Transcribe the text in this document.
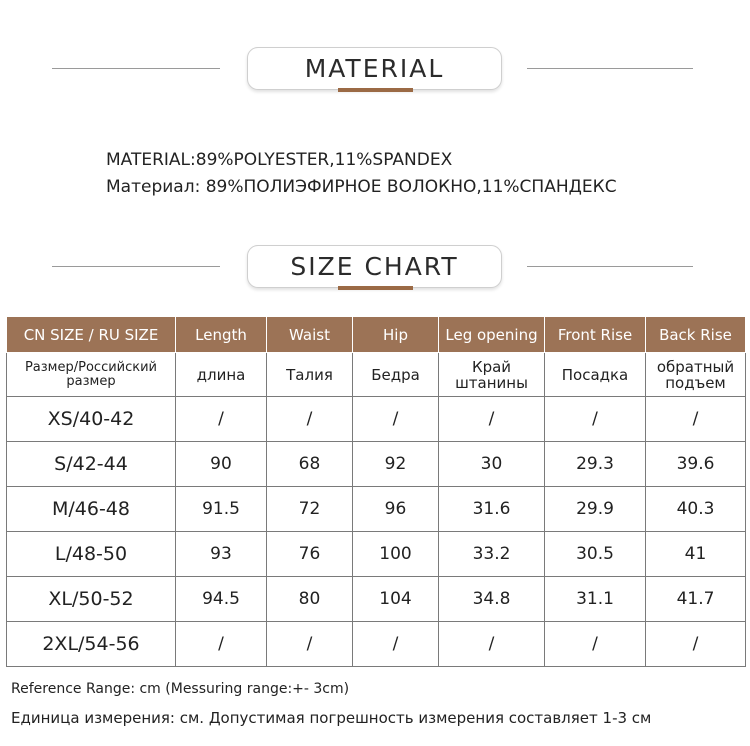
MATERIAL
MATERIAL:89%POLYESTER,11%SPANDEX
Материал: 89%ПОЛИЭФИРНОЕ ВОЛОКНО,11%СПАНДЕКС
SIZE CHART
CN SIZE / RU SIZE	Length	Waist	Hip	Leg opening	Front Rise	Back Rise
Размер/Российский размер	длина	Талия	Бедра	Край штанины	Посадка	обратный подъем
XS/40-42	/	/	/	/	/	/
S/42-44	90	68	92	30	29.3	39.6
M/46-48	91.5	72	96	31.6	29.9	40.3
L/48-50	93	76	100	33.2	30.5	41
XL/50-52	94.5	80	104	34.8	31.1	41.7
2XL/54-56	/	/	/	/	/	/
Reference Range: cm (Messuring range:+- 3cm)
Единица измерения: см. Допустимая погрешность измерения составляет 1-3 см
